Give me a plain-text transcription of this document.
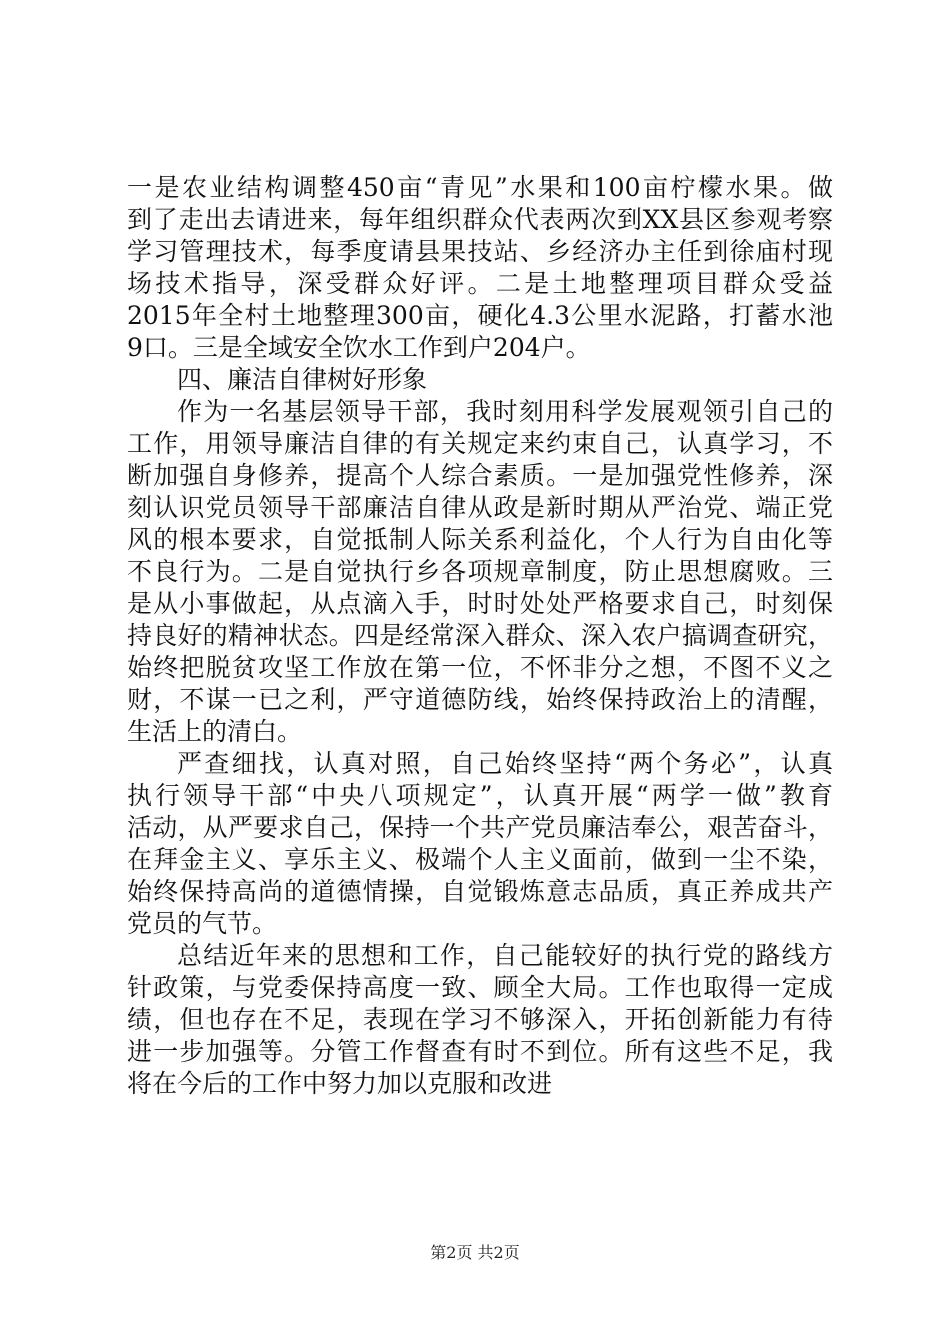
一是农业结构调整450亩“青见”水果和100亩柠檬水果。做
到了走出去请进来，每年组织群众代表两次到XX县区参观考察
学习管理技术，每季度请县果技站、乡经济办主任到徐庙村现
场技术指导，深受群众好评。二是土地整理项目群众受益
2015年全村土地整理300亩，硬化4.3公里水泥路，打蓄水池
9口。三是全域安全饮水工作到户204户。
四、廉洁自律树好形象
作为一名基层领导干部，我时刻用科学发展观领引自己的
工作，用领导廉洁自律的有关规定来约束自己，认真学习，不
断加强自身修养，提高个人综合素质。一是加强党性修养，深
刻认识党员领导干部廉洁自律从政是新时期从严治党、端正党
风的根本要求，自觉抵制人际关系利益化，个人行为自由化等
不良行为。二是自觉执行乡各项规章制度，防止思想腐败。三
是从小事做起，从点滴入手，时时处处严格要求自己，时刻保
持良好的精神状态。四是经常深入群众、深入农户搞调查研究，
始终把脱贫攻坚工作放在第一位，不怀非分之想，不图不义之
财，不谋一已之利，严守道德防线，始终保持政治上的清醒，
生活上的清白。
严查细找，认真对照，自己始终坚持“两个务必”，认真
执行领导干部“中央八项规定”，认真开展“两学一做”教育
活动，从严要求自己，保持一个共产党员廉洁奉公，艰苦奋斗，
在拜金主义、享乐主义、极端个人主义面前，做到一尘不染，
始终保持高尚的道德情操，自觉锻炼意志品质，真正养成共产
党员的气节。
总结近年来的思想和工作，自己能较好的执行党的路线方
针政策，与党委保持高度一致、顾全大局。工作也取得一定成
绩，但也存在不足，表现在学习不够深入，开拓创新能力有待
进一步加强等。分管工作督查有时不到位。所有这些不足，我
将在今后的工作中努力加以克服和改进
第2页 共2页
